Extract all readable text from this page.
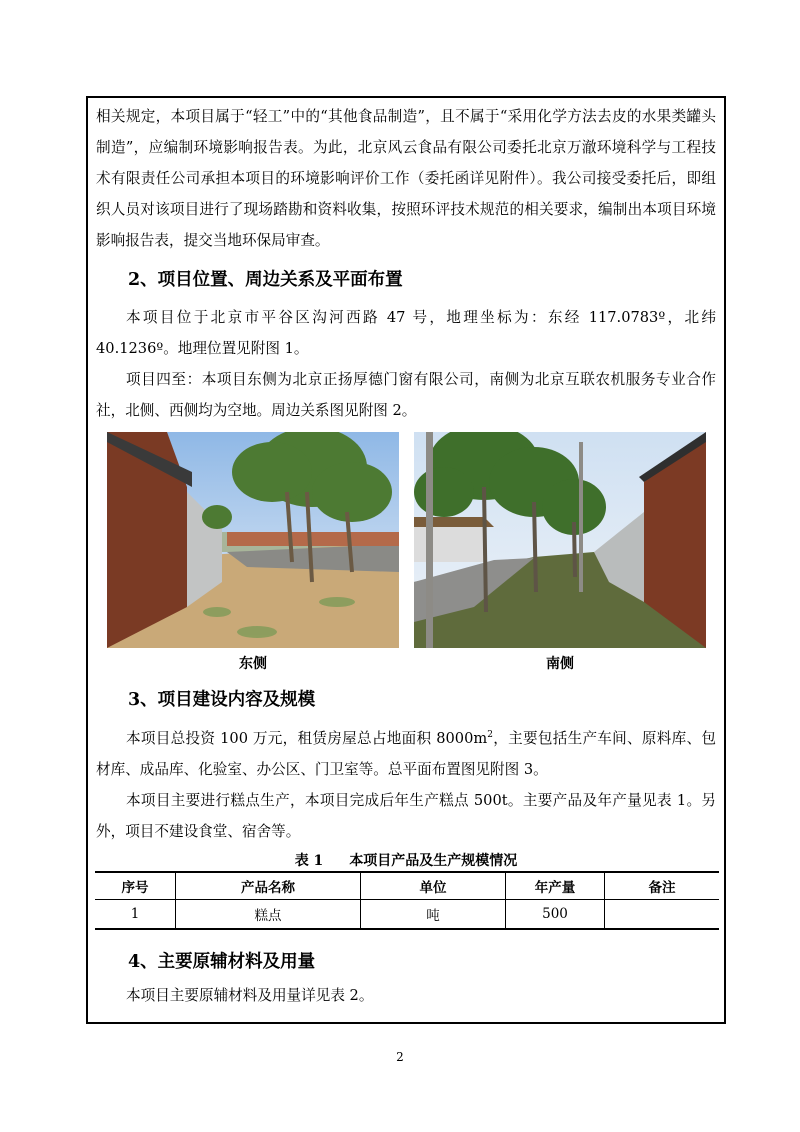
相关规定，本项目属于“轻工”中的“其他食品制造”，且不属于“采用化学方法去皮的水果类罐头制造”，应编制环境影响报告表。为此，北京风云食品有限公司委托北京万澈环境科学与工程技术有限责任公司承担本项目的环境影响评价工作（委托函详见附件）。我公司接受委托后，即组织人员对该项目进行了现场踏勘和资料收集，按照环评技术规范的相关要求，编制出本项目环境影响报告表，提交当地环保局审查。

2、项目位置、周边关系及平面布置

本项目位于北京市平谷区沟河西路 47 号，地理坐标为：东经 117.0783º，北纬 40.1236º。地理位置见附图 1。

项目四至：本项目东侧为北京正扬厚德门窗有限公司，南侧为北京互联农机服务专业合作社，北侧、西侧均为空地。周边关系图见附图 2。

东侧	南侧
3、项目建设内容及规模

本项目总投资 100 万元，租赁房屋总占地面积 $8000m^2$，主要包括生产车间、原料库、包材库、成品库、化验室、办公区、门卫室等。总平面布置图见附图 3。

本项目主要进行糕点生产，本项目完成后年生产糕点 500t。主要产品及年产量见表 1。另外，项目不建设食堂、宿舍等。

表 1 本项目产品及生产规模情况
序号	产品名称	单位	年产量	备注
1	糕点	吨	500	
4、主要原辅材料及用量

本项目主要原辅材料及用量详见表 2。

2
